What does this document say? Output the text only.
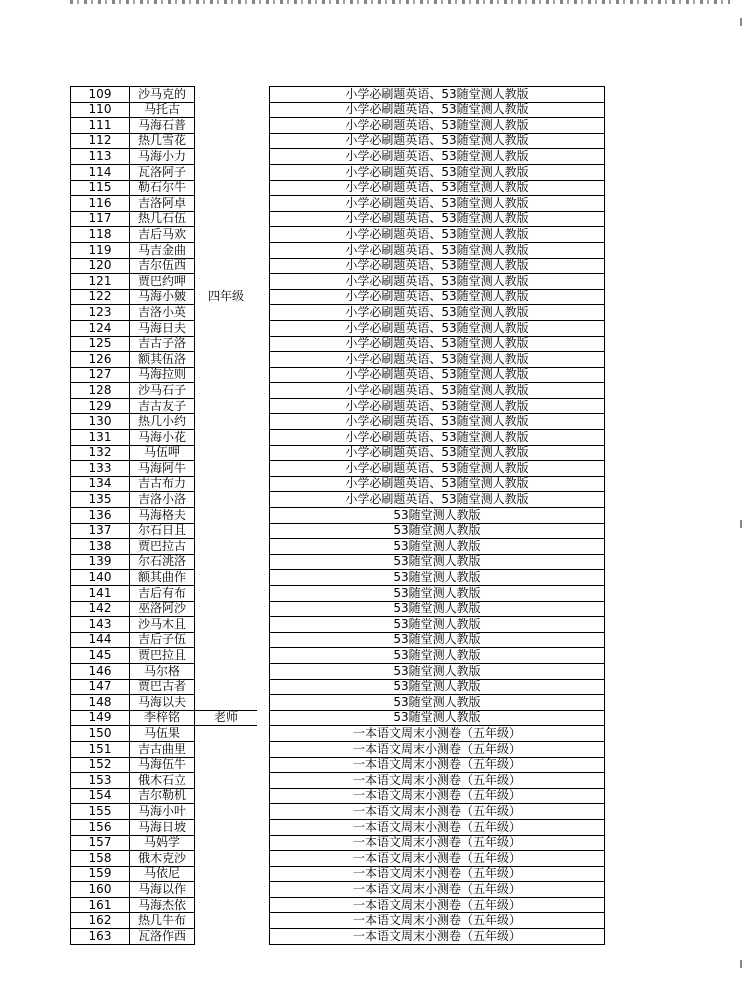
109	沙马克的			小学必刷题英语、53随堂测人教版
110	马托古			小学必刷题英语、53随堂测人教版
111	马海石普			小学必刷题英语、53随堂测人教版
112	热几雪花			小学必刷题英语、53随堂测人教版
113	马海小力			小学必刷题英语、53随堂测人教版
114	瓦洛阿子			小学必刷题英语、53随堂测人教版
115	勒石尔牛			小学必刷题英语、53随堂测人教版
116	吉洛阿卓			小学必刷题英语、53随堂测人教版
117	热几石伍			小学必刷题英语、53随堂测人教版
118	吉后马欢			小学必刷题英语、53随堂测人教版
119	马吉金曲			小学必刷题英语、53随堂测人教版
120	吉尔伍西			小学必刷题英语、53随堂测人教版
121	贾巴约呷			小学必刷题英语、53随堂测人教版
122	马海小皴	四年级		小学必刷题英语、53随堂测人教版
123	吉洛小英			小学必刷题英语、53随堂测人教版
124	马海日夫			小学必刷题英语、53随堂测人教版
125	吉古子洛			小学必刷题英语、53随堂测人教版
126	额其伍洛			小学必刷题英语、53随堂测人教版
127	马海拉则			小学必刷题英语、53随堂测人教版
128	沙马石子			小学必刷题英语、53随堂测人教版
129	吉古友子			小学必刷题英语、53随堂测人教版
130	热几小约			小学必刷题英语、53随堂测人教版
131	马海小花			小学必刷题英语、53随堂测人教版
132	马伍呷			小学必刷题英语、53随堂测人教版
133	马海阿牛			小学必刷题英语、53随堂测人教版
134	吉古布力			小学必刷题英语、53随堂测人教版
135	吉洛小洛			小学必刷题英语、53随堂测人教版
136	马海格夫			53随堂测人教版
137	尔石日且			53随堂测人教版
138	贾巴拉古			53随堂测人教版
139	尔石洮洛			53随堂测人教版
140	额其曲作			53随堂测人教版
141	吉后有布			53随堂测人教版
142	巫洛阿沙			53随堂测人教版
143	沙马木且			53随堂测人教版
144	吉后子伍			53随堂测人教版
145	贾巴拉且			53随堂测人教版
146	马尔格			53随堂测人教版
147	贾巴古者			53随堂测人教版
148	马海以夫			53随堂测人教版
149	李梓铭	老师		53随堂测人教版
150	马伍果			一本语文周末小测卷（五年级）
151	吉古曲里			一本语文周末小测卷（五年级）
152	马海伍牛			一本语文周末小测卷（五年级）
153	俄木石立			一本语文周末小测卷（五年级）
154	吉尔勒机			一本语文周末小测卷（五年级）
155	马海小叶			一本语文周末小测卷（五年级）
156	马海日坡			一本语文周末小测卷（五年级）
157	马妈学			一本语文周末小测卷（五年级）
158	俄木克沙			一本语文周末小测卷（五年级）
159	马依尼			一本语文周末小测卷（五年级）
160	马海以作			一本语文周末小测卷（五年级）
161	马海杰依			一本语文周末小测卷（五年级）
162	热几牛布			一本语文周末小测卷（五年级）
163	瓦洛作西			一本语文周末小测卷（五年级）
